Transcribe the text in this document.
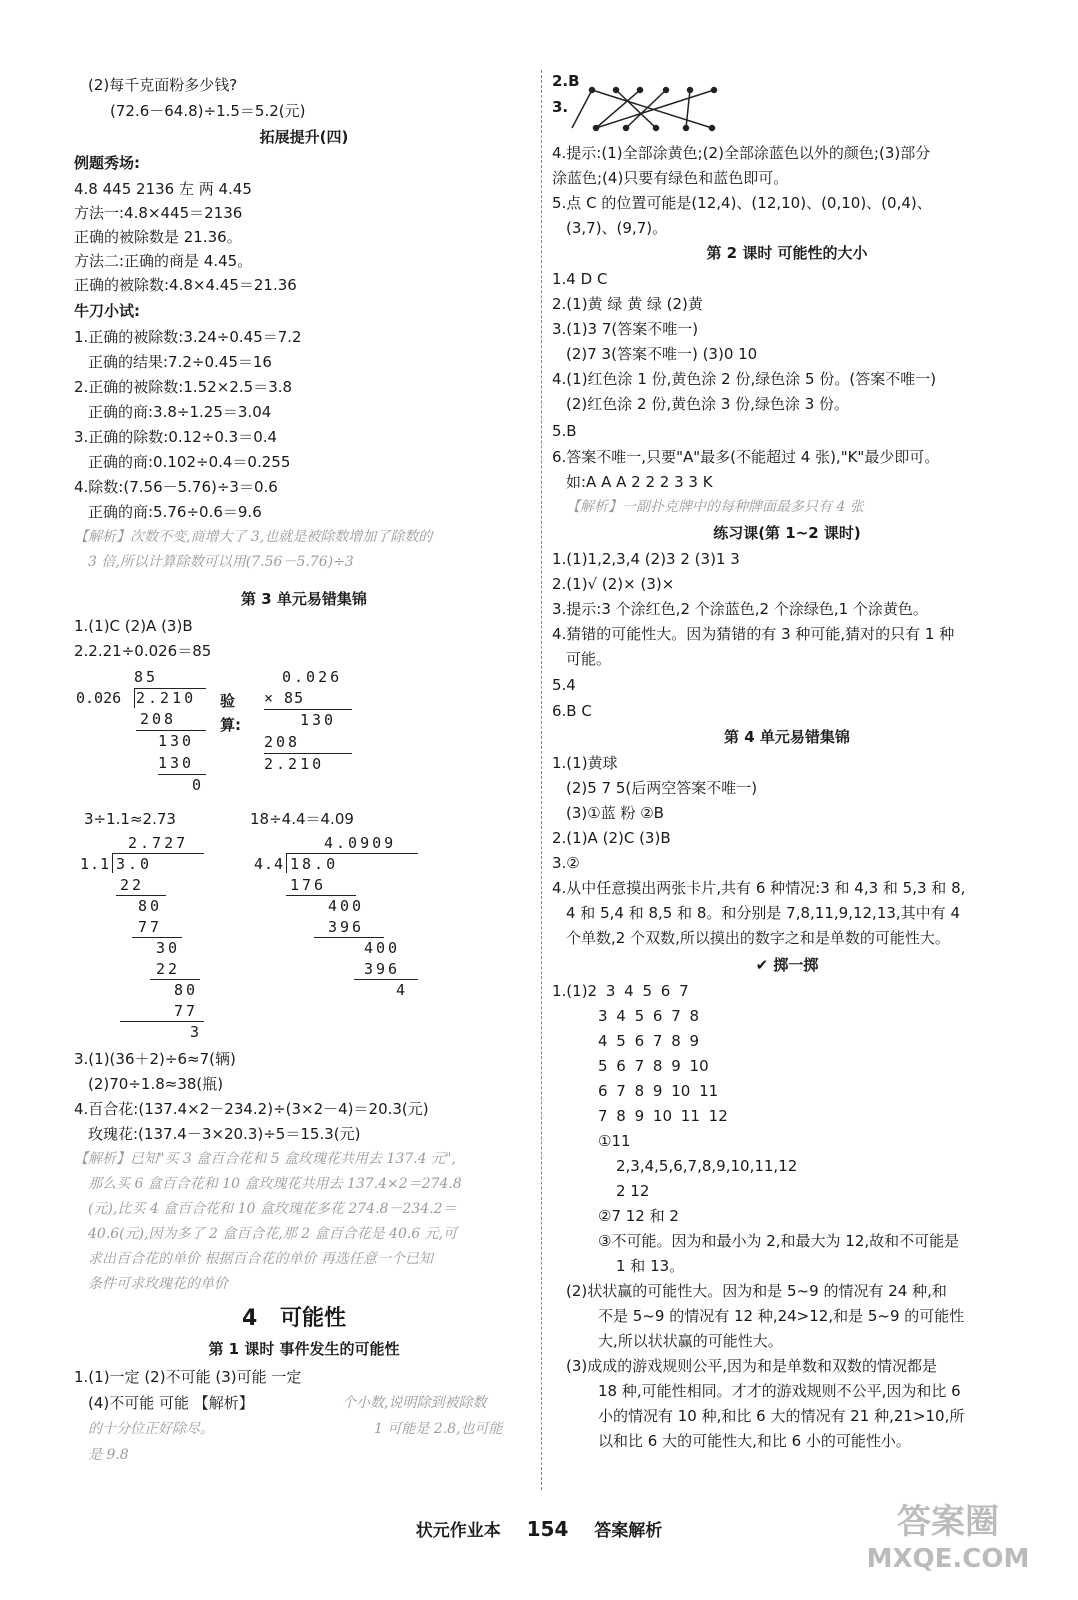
(2)每千克面粉多少钱?
(72.6－64.8)÷1.5＝5.2(元)
拓展提升(四)
例题秀场:
4.8 445 2136 左 两 4.45
方法一:4.8×445＝2136
正确的被除数是 21.36。
方法二:正确的商是 4.45。
正确的被除数:4.8×4.45＝21.36
牛刀小试:
1.正确的被除数:3.24÷0.45＝7.2
正确的结果:7.2÷0.45＝16
2.正确的被除数:1.52×2.5＝3.8
正确的商:3.8÷1.25＝3.04
3.正确的除数:0.12÷0.3＝0.4
正确的商:0.102÷0.4＝0.255
4.除数:(7.56－5.76)÷3＝0.6
正确的商:5.76÷0.6＝9.6
【解析】次数不变,商增大了 3,也就是被除数增加了除数的
3 倍,所以计算除数可以用(7.56－5.76)÷3
第 3 单元易错集锦
1.(1)C (2)A (3)B
2.2.21÷0.026＝85
85
0.026 2.210
208
130
130
0
验
算:
0.026
× 85
130
208
2.210
3÷1.1≈2.73	18÷4.4＝4.09
2.727
1.1 3.0
22
80
77
30
22
80
77
3
4.0909
4.4 18.0
176
400
396
400
396
4
3.(1)(36＋2)÷6≈7(辆)
(2)70÷1.8≈38(瓶)
4.百合花:(137.4×2－234.2)÷(3×2－4)＝20.3(元)
玫瑰花:(137.4－3×20.3)÷5＝15.3(元)
【解析】已知"买 3 盒百合花和 5 盒玫瑰花共用去 137.4 元",
那么买 6 盒百合花和 10 盒玫瑰花共用去 137.4×2＝274.8
(元),比买 4 盒百合花和 10 盒玫瑰花多花 274.8－234.2＝
40.6(元),因为多了 2 盒百合花,那 2 盒百合花是 40.6 元,可
求出百合花的单价 根据百合花的单价 再选任意一个已知
条件可求玫瑰花的单价
4 可能性
第 1 课时 事件发生的可能性
1.(1)一定 (2)不可能 (3)可能 一定
(4)不可能 可能 【解析】	个小数,说明除到被除数
的十分位正好除尽。	1 可能是 2.8,也可能
是 9.8
2.B
3.
4.提示:(1)全部涂黄色;(2)全部涂蓝色以外的颜色;(3)部分
涂蓝色;(4)只要有绿色和蓝色即可。
5.点 C 的位置可能是(12,4)、(12,10)、(0,10)、(0,4)、
(3,7)、(9,7)。
第 2 课时 可能性的大小
1.4 D C
2.(1)黄 绿 黄 绿 (2)黄
3.(1)3 7(答案不唯一)
(2)7 3(答案不唯一) (3)0 10
4.(1)红色涂 1 份,黄色涂 2 份,绿色涂 5 份。(答案不唯一)
(2)红色涂 2 份,黄色涂 3 份,绿色涂 3 份。
5.B
6.答案不唯一,只要"A"最多(不能超过 4 张),"K"最少即可。
如:A A A 2 2 2 3 3 K
【解析】一副扑克牌中的每种牌面最多只有 4 张
练习课(第 1~2 课时)
1.(1)1,2,3,4 (2)3 2 (3)1 3
2.(1)√ (2)× (3)×
3.提示:3 个涂红色,2 个涂蓝色,2 个涂绿色,1 个涂黄色。
4.猜错的可能性大。因为猜错的有 3 种可能,猜对的只有 1 种
可能。
5.4
6.B C
第 4 单元易错集锦
1.(1)黄球
(2)5 7 5(后两空答案不唯一)
(3)①蓝 粉 ②B
2.(1)A (2)C (3)B
3.②
4.从中任意摸出两张卡片,共有 6 种情况:3 和 4,3 和 5,3 和 8,
4 和 5,4 和 8,5 和 8。和分别是 7,8,11,9,12,13,其中有 4
个单数,2 个双数,所以摸出的数字之和是单数的可能性大。
✔ 掷一掷
1.(1)2 3 4 5 6 7
3 4 5 6 7 8
4 5 6 7 8 9
5 6 7 8 9 10
6 7 8 9 10 11
7 8 9 10 11 12
①11
2,3,4,5,6,7,8,9,10,11,12
2 12
②7 12 和 2
③不可能。因为和最小为 2,和最大为 12,故和不可能是
1 和 13。
(2)状状赢的可能性大。因为和是 5~9 的情况有 24 种,和
不是 5~9 的情况有 12 种,24>12,和是 5~9 的可能性
大,所以状状赢的可能性大。
(3)成成的游戏规则公平,因为和是单数和双数的情况都是
18 种,可能性相同。才才的游戏规则不公平,因为和比 6
小的情况有 10 种,和比 6 大的情况有 21 种,21>10,所
以和比 6 大的可能性大,和比 6 小的可能性小。
状元作业本 154 答案解析	答案圈
MXQE.COM
